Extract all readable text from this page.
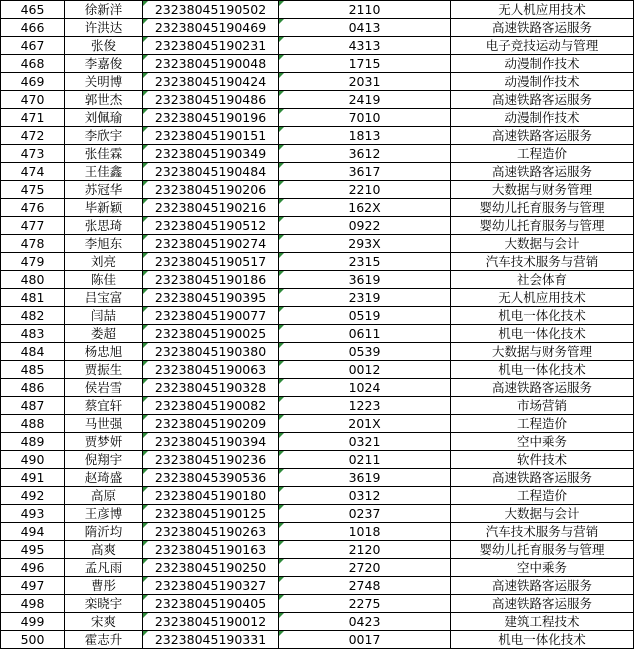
465	徐新洋	23238045190502	2110	无人机应用技术
466	许洪达	23238045190469	0413	高速铁路客运服务
467	张俊	23238045190231	4313	电子竞技运动与管理
468	李嘉俊	23238045190048	1715	动漫制作技术
469	关明博	23238045190424	2031	动漫制作技术
470	郭世杰	23238045190486	2419	高速铁路客运服务
471	刘佩瑜	23238045190196	7010	动漫制作技术
472	李欣宇	23238045190151	1813	高速铁路客运服务
473	张佳霖	23238045190349	3612	工程造价
474	王佳鑫	23238045190484	3617	高速铁路客运服务
475	苏冠华	23238045190206	2210	大数据与财务管理
476	毕新颖	23238045190216	162X	婴幼儿托育服务与管理
477	张思琦	23238045190512	0922	婴幼儿托育服务与管理
478	李旭东	23238045190274	293X	大数据与会计
479	刘亮	23238045190517	2315	汽车技术服务与营销
480	陈佳	23238045190186	3619	社会体育
481	吕宝富	23238045190395	2319	无人机应用技术
482	闫喆	23238045190077	0519	机电一体化技术
483	娄超	23238045190025	0611	机电一体化技术
484	杨忠旭	23238045190380	0539	大数据与财务管理
485	贾振生	23238045190063	0012	机电一体化技术
486	侯岩雪	23238045190328	1024	高速铁路客运服务
487	蔡宜轩	23238045190082	1223	市场营销
488	马世强	23238045190209	201X	工程造价
489	贾梦妍	23238045190394	0321	空中乘务
490	倪翔宇	23238045190236	0211	软件技术
491	赵琦盛	23238045390536	3619	高速铁路客运服务
492	高原	23238045190180	0312	工程造价
493	王彦博	23238045190125	0237	大数据与会计
494	隋沂均	23238045190263	1018	汽车技术服务与营销
495	高爽	23238045190163	2120	婴幼儿托育服务与管理
496	孟凡雨	23238045190250	2720	空中乘务
497	曹彤	23238045190327	2748	高速铁路客运服务
498	栾晓宇	23238045190405	2275	高速铁路客运服务
499	宋爽	23238045190012	0423	建筑工程技术
500	霍志升	23238045190331	0017	机电一体化技术
